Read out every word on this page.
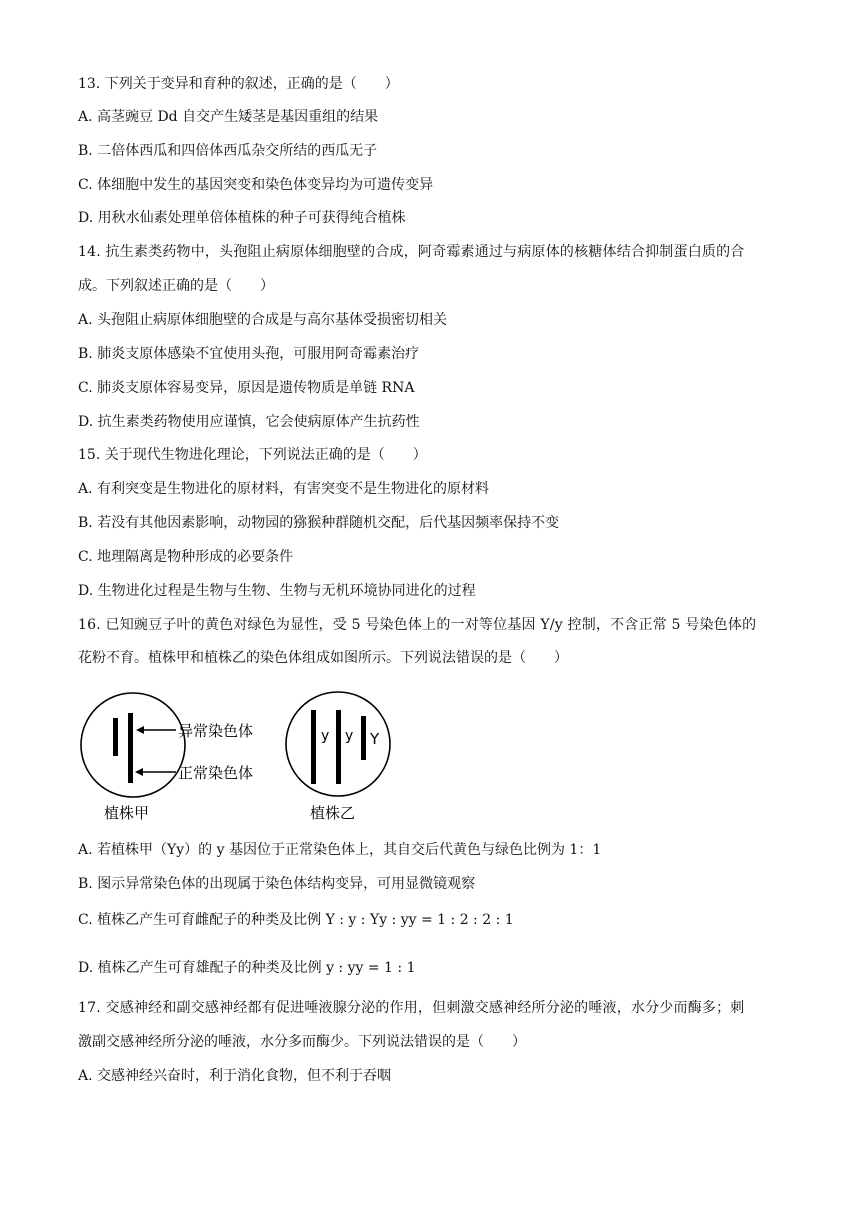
13. 下列关于变异和育种的叙述，正确的是（　　）
A. 高茎豌豆 Dd 自交产生矮茎是基因重组的结果
B. 二倍体西瓜和四倍体西瓜杂交所结的西瓜无子
C. 体细胞中发生的基因突变和染色体变异均为可遗传变异
D. 用秋水仙素处理单倍体植株的种子可获得纯合植株
14. 抗生素类药物中，头孢阻止病原体细胞壁的合成，阿奇霉素通过与病原体的核糖体结合抑制蛋白质的合
成。下列叙述正确的是（　　）
A. 头孢阻止病原体细胞壁的合成是与高尔基体受损密切相关
B. 肺炎支原体感染不宜使用头孢，可服用阿奇霉素治疗
C. 肺炎支原体容易变异，原因是遗传物质是单链 RNA
D. 抗生素类药物使用应谨慎，它会使病原体产生抗药性
15. 关于现代生物进化理论，下列说法正确的是（　　）
A. 有利突变是生物进化的原材料，有害突变不是生物进化的原材料
B. 若没有其他因素影响，动物园的猕猴种群随机交配，后代基因频率保持不变
C. 地理隔离是物种形成的必要条件
D. 生物进化过程是生物与生物、生物与无机环境协同进化的过程
16. 已知豌豆子叶的黄色对绿色为显性，受 5 号染色体上的一对等位基因 Y/y 控制，不含正常 5 号染色体的
花粉不育。植株甲和植株乙的染色体组成如图所示。下列说法错误的是（　　）
异常染色体
正常染色体
植株甲
y y Y
植株乙
A. 若植株甲（Yy）的 y 基因位于正常染色体上，其自交后代黄色与绿色比例为 1：1
B. 图示异常染色体的出现属于染色体结构变异，可用显微镜观察
C. 植株乙产生可育雌配子的种类及比例 Y : y : Yy : yy = 1 : 2 : 2 : 1
D. 植株乙产生可育雄配子的种类及比例 y : yy = 1 : 1
17. 交感神经和副交感神经都有促进唾液腺分泌的作用，但刺激交感神经所分泌的唾液，水分少而酶多；刺
激副交感神经所分泌的唾液，水分多而酶少。下列说法错误的是（　　）
A. 交感神经兴奋时，利于消化食物，但不利于吞咽
